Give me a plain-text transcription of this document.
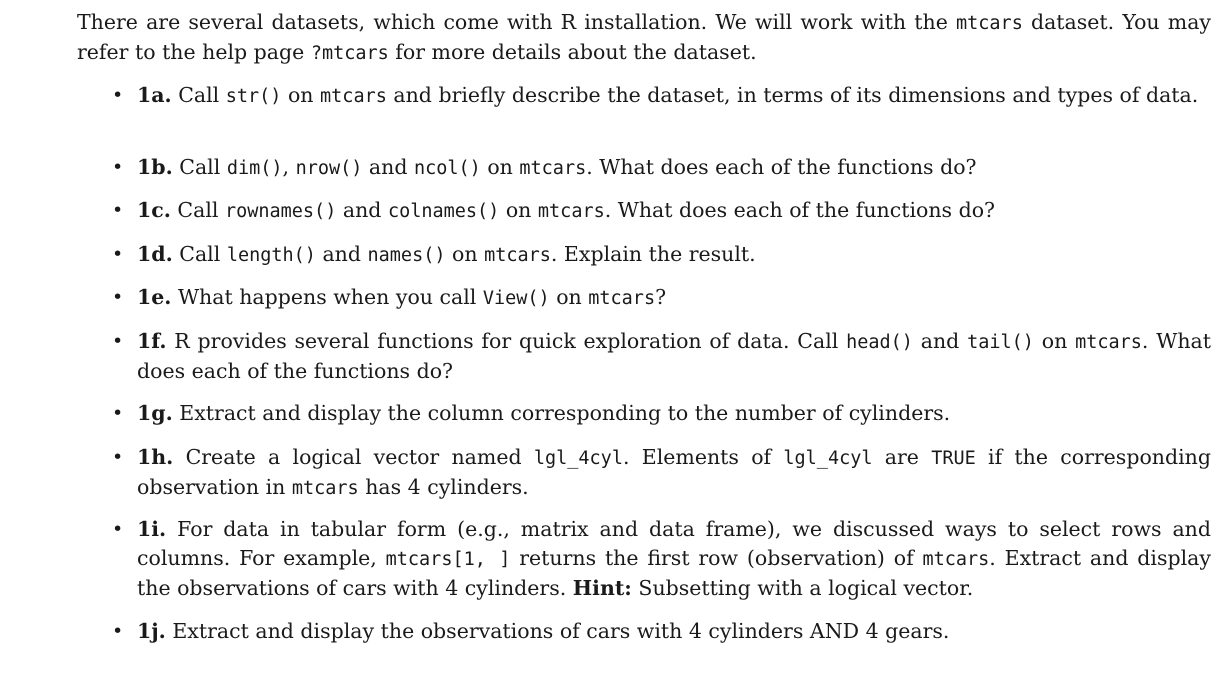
There are several datasets, which come with R installation. We will work with the mtcars dataset. You may refer to the help page ?mtcars for more details about the dataset.

• 1a. Call str() on mtcars and briefly describe the dataset, in terms of its dimensions and types of data.
• 1b. Call dim(), nrow() and ncol() on mtcars. What does each of the functions do?
• 1c. Call rownames() and colnames() on mtcars. What does each of the functions do?
• 1d. Call length() and names() on mtcars. Explain the result.
• 1e. What happens when you call View() on mtcars?
• 1f. R provides several functions for quick exploration of data. Call head() and tail() on mtcars. What does each of the functions do?
• 1g. Extract and display the column corresponding to the number of cylinders.
• 1h. Create a logical vector named lgl_4cyl. Elements of lgl_4cyl are TRUE if the corresponding observation in mtcars has 4 cylinders.
• 1i. For data in tabular form (e.g., matrix and data frame), we discussed ways to select rows and columns. For example, mtcars[1, ] returns the first row (observation) of mtcars. Extract and display the observations of cars with 4 cylinders. Hint: Subsetting with a logical vector.
• 1j. Extract and display the observations of cars with 4 cylinders AND 4 gears.
